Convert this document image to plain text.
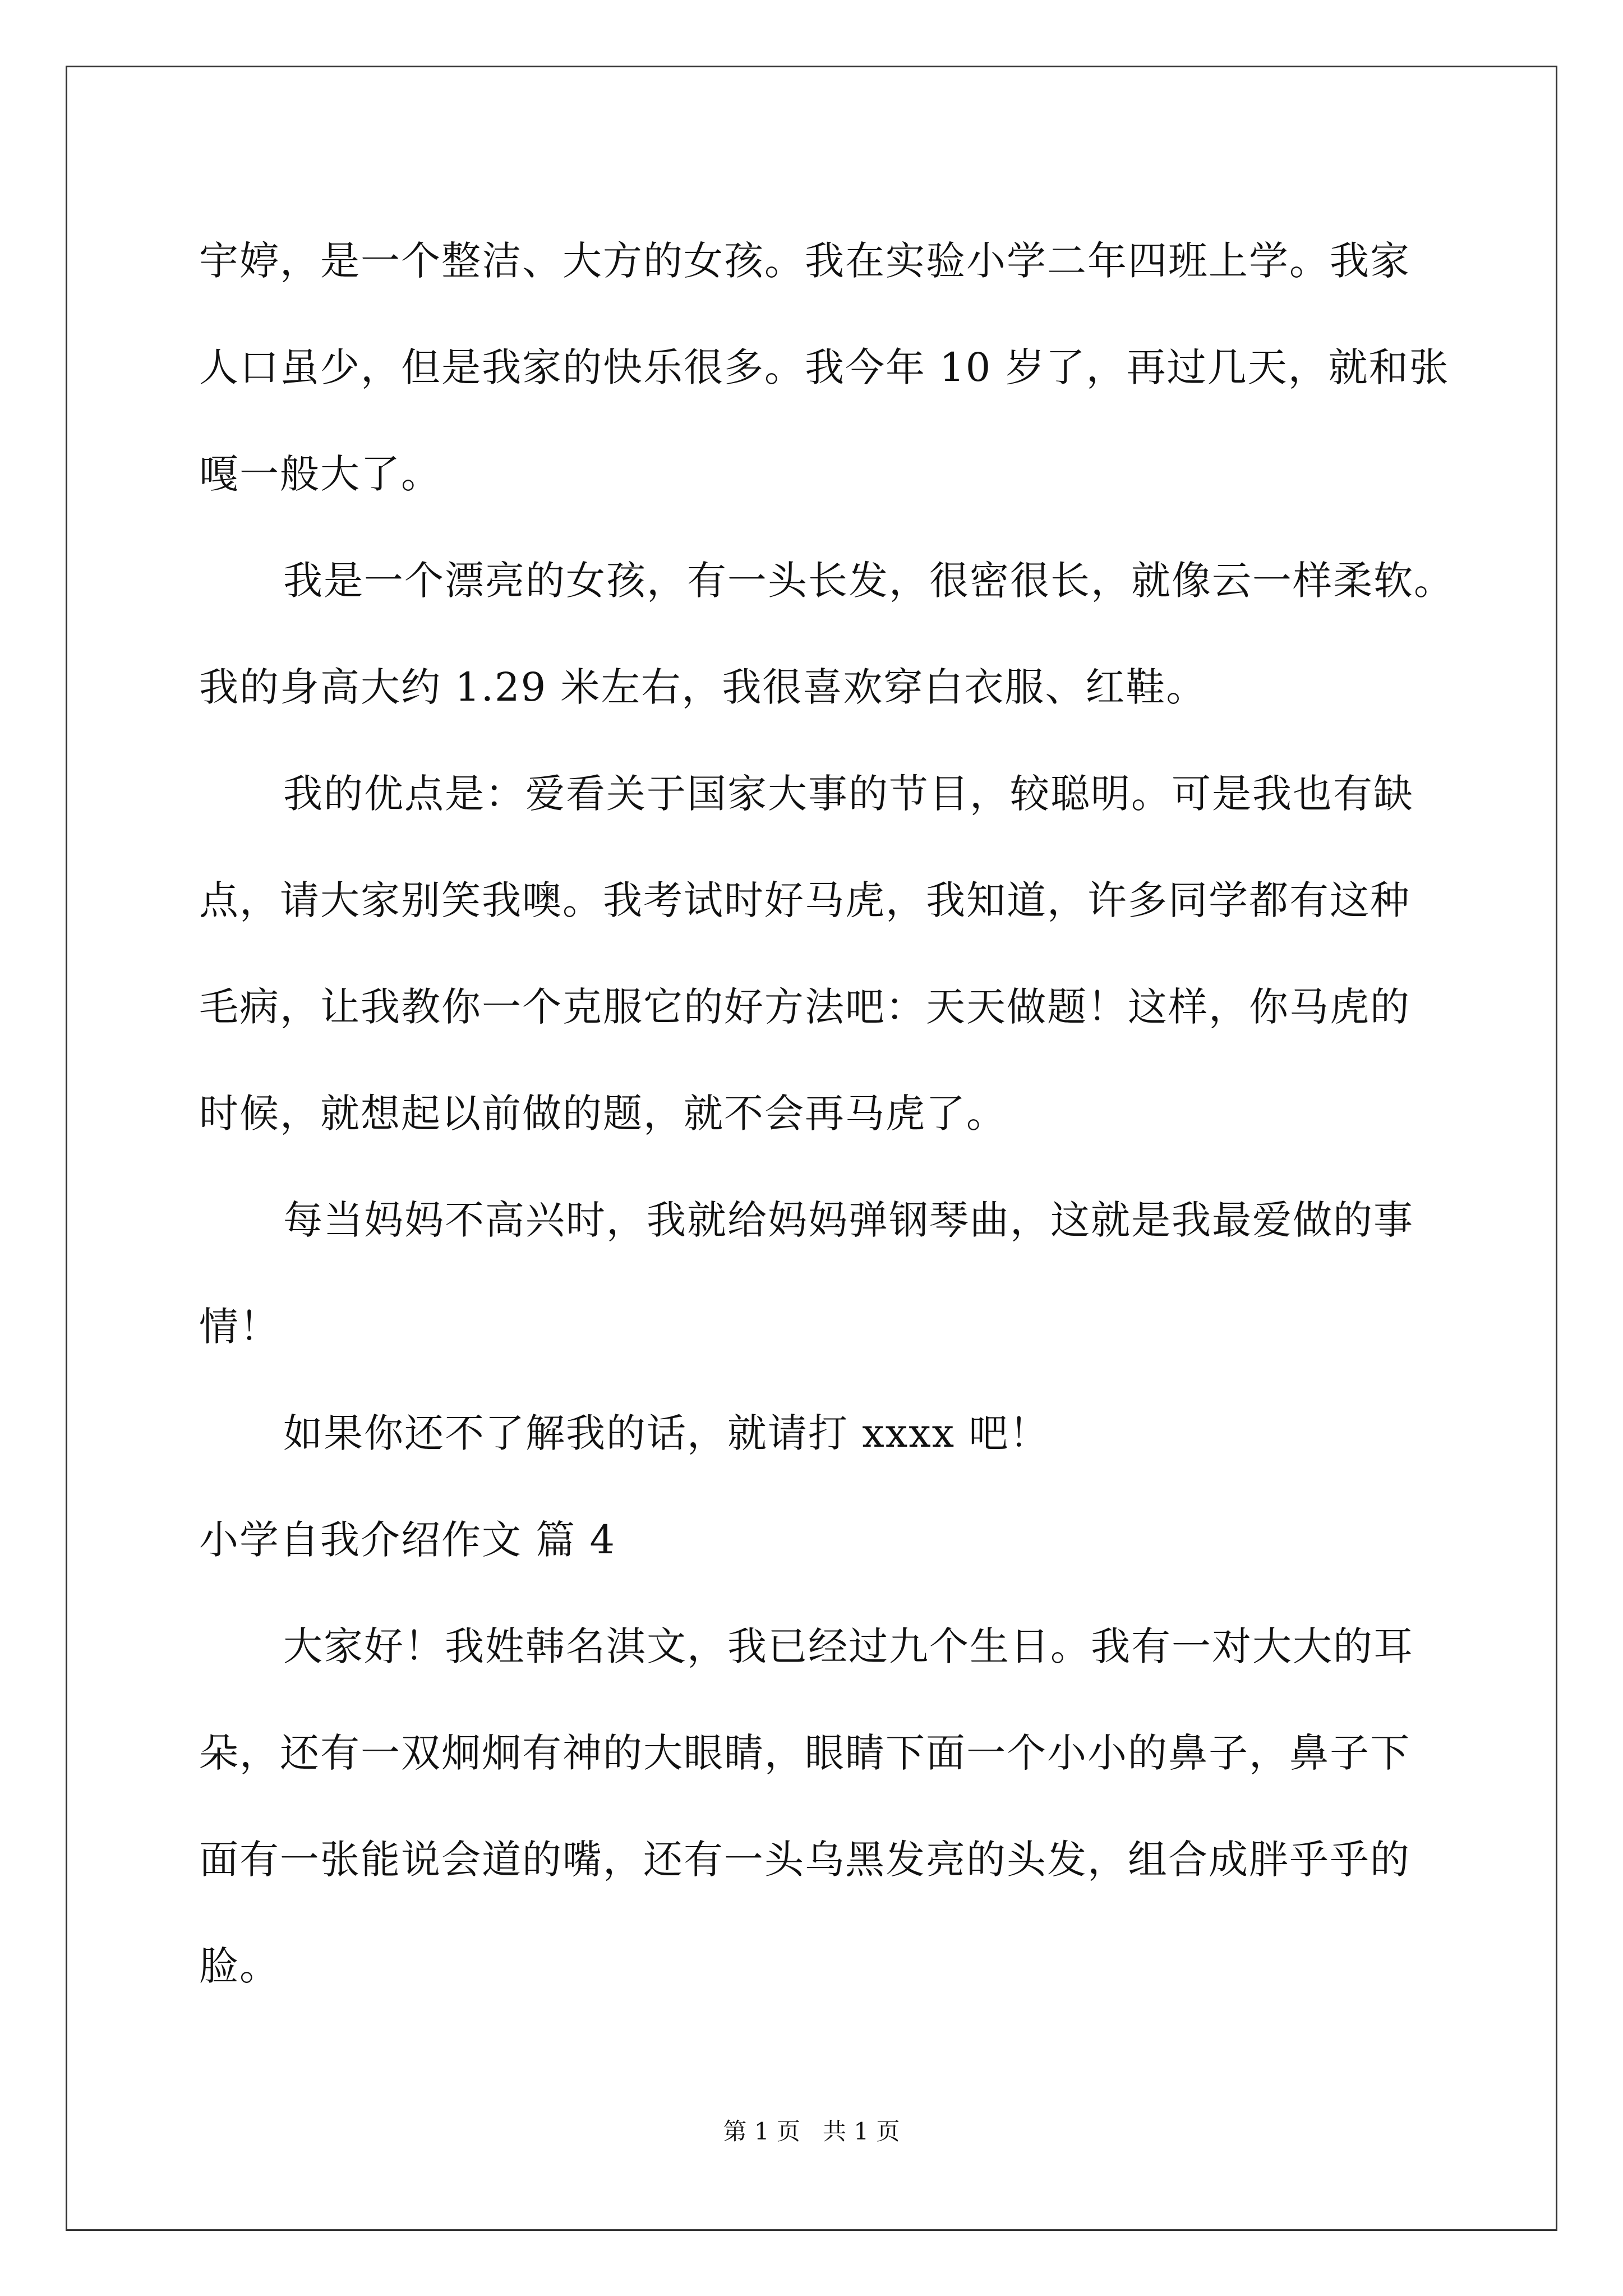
宇婷，是一个整洁、大方的女孩。我在实验小学二年四班上学。我家
人口虽少，但是我家的快乐很多。我今年 10 岁了，再过几天，就和张
嘎一般大了。
我是一个漂亮的女孩，有一头长发，很密很长，就像云一样柔软。
我的身高大约 1.29 米左右，我很喜欢穿白衣服、红鞋。
我的优点是：爱看关于国家大事的节目，较聪明。可是我也有缺
点，请大家别笑我噢。我考试时好马虎，我知道，许多同学都有这种
毛病，让我教你一个克服它的好方法吧：天天做题！这样，你马虎的
时候，就想起以前做的题，就不会再马虎了。
每当妈妈不高兴时，我就给妈妈弹钢琴曲，这就是我最爱做的事
情！
如果你还不了解我的话，就请打 xxxx 吧！
小学自我介绍作文 篇 4
大家好！我姓韩名淇文，我已经过九个生日。我有一对大大的耳
朵，还有一双炯炯有神的大眼睛，眼睛下面一个小小的鼻子，鼻子下
面有一张能说会道的嘴，还有一头乌黑发亮的头发，组合成胖乎乎的
脸。
第 1 页   共 1 页
